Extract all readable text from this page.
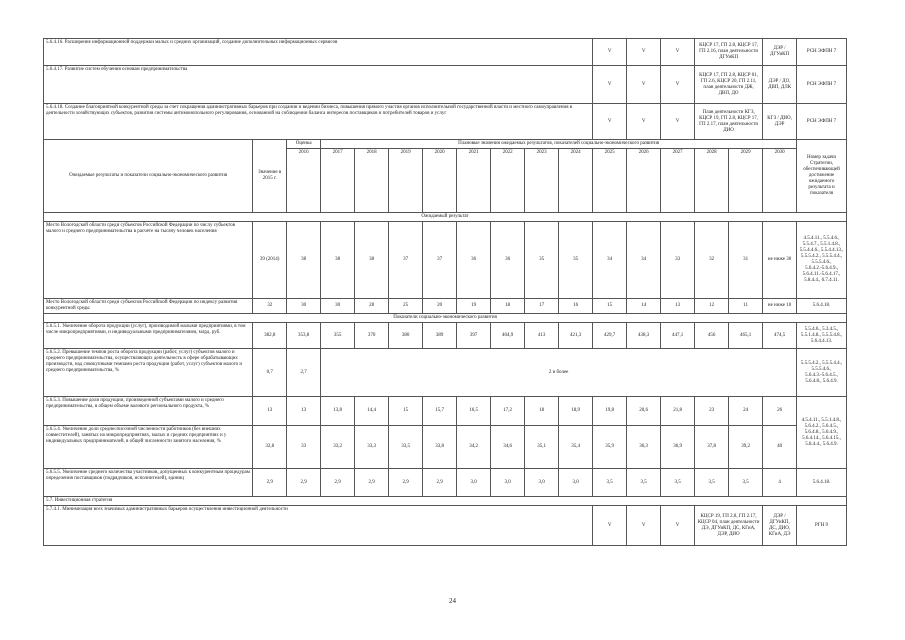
5.6.4.16. Расширение информационной поддержки малых и средних организаций, создание дополнительных информационных сервисов											V	V	V	КЦСР 17, ГП 2.8, КЦСР 17, ГП 2.16, план деятельности ДГУиКП		ДЭР / ДГУиКП	РСН ЭФПН 7
5.6.4.17. Развитие систем обучения основам предпринимательства											V	V	V	КЦСР 17, ГП 2.8, КЦСР 01, ГП 2.6, КЦСР 20, ГП 2.11, план деятельности ДЖ, ДВП, ДО		ДЭР / ДО, ДВП, ДЛК	РСН ЭФПН 7
5.6.4.18. Создание благоприятной конкурентной среды за счет сокращения административных барьеров при создании и ведении бизнеса, повышения прямого участия органов исполнительной государственной власти и местного самоуправления в деятельности хозяйствующих субъектов, развития системы антимонопольного регулирования, основанной на соблюдении баланса интересов поставщиков и потребителей товаров и услуг											V	V	V	План деятельности КГЗ, КЦСР 19, ГП 2.8, КЦСР 17, ГП 2.17, план деятельности ДИО		КГЗ / ДИО, ДЭР	РСН ЭФПН 7
Ожидаемые результаты и показатели социально-экономического развития	Значение в 2015 г.	Оценка	Плановые значения ожидаемых результатов, показателей социально-экономического развития														Номер задачи Стратегии, обеспечивающей достижение ожидаемого результата и показателя
		2016	2017	2018	2019	2020	2021	2022	2023	2024	2025	2026	2027	2028	2029	2030	
Ожидаемый результат																	
Место Вологодской области среди субъектов Российской Федерации по числу субъектов малого и среднего предпринимательства в расчете на тысячу человек населения	39 (2014)	38	38	38	37	37	36	36	35	35	34	34	33	32	31	не ниже 30	4.5.4.11., 5.5.4.6., 5.5.4.7., 5.5.1.4.8., 5.5.4.4.6., 5.5.4.4.13., 5.5.5.4.2., 5.5.5.4.4., 5.5.5.4.6., 5.6.4.2.-5.6.4.9., 5.6.4.11.-5.6.4.17., 5.8.4.4., 6.7.4.11.
Место Вологодской области среди субъектов Российской Федерации по индексу развития конкурентной среды	32	30	30	28	25	20	19	18	17	16	15	14	13	12	11	не ниже 10	5.6.4.18.
Показатели социально-экономического развития																	
5.6.5.1. Увеличение оборота продукции (услуг), производимой малыми предприятиями, в том числе микропредприятиями, и индивидуальными предпринимателями, млрд. руб.	382,8	353,8	355	370	380	389	397	404,9	413	421,3	429,7	438,3	447,1	456	465,1	474,5	5.5.4.6., 5.3.4.5., 5.5.1.4.8., 5.5.5.4.8., 5.6.4.4.13.
5.6.5.2. Превышение темпов роста оборота продукции (работ, услуг) субъектов малого и среднего предпринимательства, осуществляющих деятельность в сфере обрабатывающих производств, над совокупными темпами роста продукции (работ, услуг) субъектов малого и среднего предпринимательства, %	0,7	2,7	2 и более														5.5.5.4.2., 5.5.5.4.4., 5.5.5.4.6., 5.6.4.3.-5.6.4.5., 5.6.4.8., 5.6.4.9.
5.6.5.3. Повышение доли продукции, произведенной субъектами малого и среднего предпринимательства, в общем объеме валового регионального продукта, %	13	13	13,8	14,4	15	15,7	16,5	17,2	18	18,9	19,8	20,6	21,8	23	24	26	4.5.4.11., 5.5.1.4.8., 5.6.4.2., 5.6.4.5., 5.6.4.8., 5.6.4.9., 5.6.4.14., 5.6.4.15., 5.8.4.4., 5.6.4.9.
5.6.5.4. Увеличение доли среднесписочной численности работников (без внешних совместителей), занятых на микропредприятиях, малых и средних предприятиях и у индивидуальных предпринимателей, в общей численности занятого населения, %	32,8	33	33,2	33,3	33,5	33,8	34,2	34,6	35,1	35,4	35,9	36,3	36,9	37,8	39,2	40	
5.6.5.5. Увеличение среднего количества участников, допущенных к конкурентным процедурам определения поставщиков (подрядчиков, исполнителей), единиц	2,9	2,9	2,9	2,9	2,9	2,9	3,0	3,0	3,0	3,0	3,5	3,5	3,5	3,5	3,5	4	5.6.4.18.
5.7. Инвестиционная стратегия																	
5.7.4.1. Минимизация всех значимых административных барьеров осуществления инвестиционной деятельности											V	V	V	КЦСР 19, ГП 2.8, ГП 2.17, КЦСР 04, план деятельности ДЭ, ДГУиКП, ДС, КГиА, ДЭР, ДИО		ДЭР / ДГУиКП, ДС, ДИО, КГиА, ДЭ	РГН 9
24
